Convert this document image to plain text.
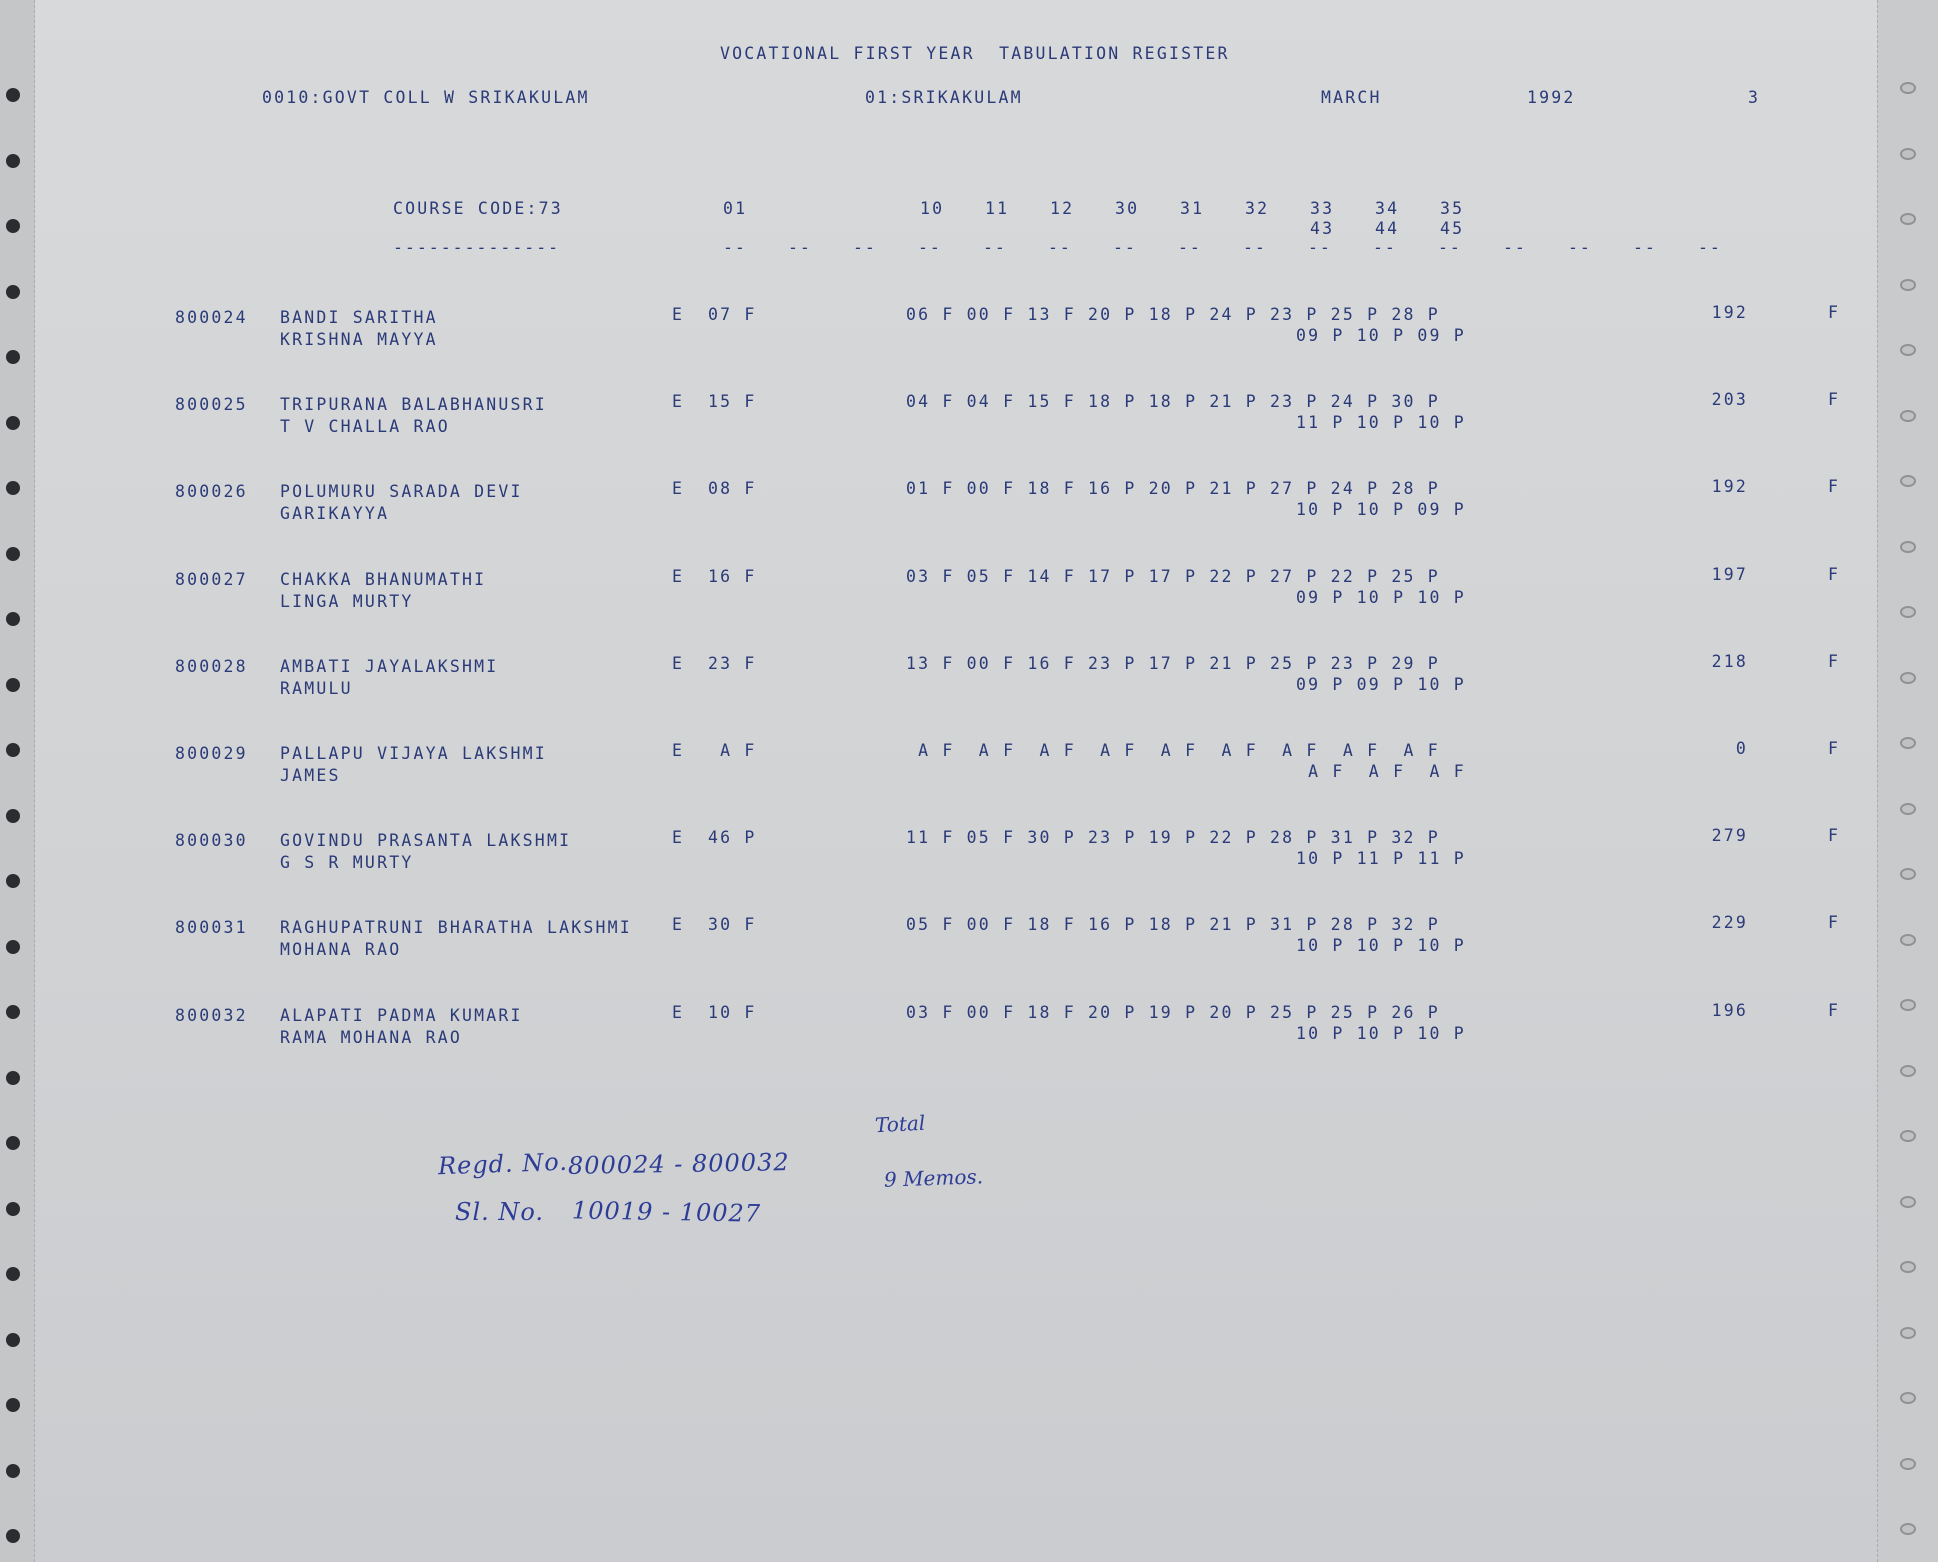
VOCATIONAL FIRST YEAR  TABULATION REGISTER
0010:GOVT COLL W SRIKAKULAM	01:SRIKAKULAM	MARCH	1992	3
COURSE CODE:73
--------------
Regd. No. 800024 - 800032
Sl. No. 10019 - 10027
Total
9 Memos.
01	10 11 12 30 31 32 33 34 35
43 44 45
-- -- -- -- -- -- -- -- -- -- -- -- -- -- -- --
800024 BANDI SARITHA
KRISHNA MAYYA
E 07 F	06 F 00 F 13 F 20 P 18 P 24 P 23 P 25 P 28 P
09 P 10 P 09 P
192	F
800025 TRIPURANA BALABHANUSRI
T V CHALLA RAO
E 15 F	04 F 04 F 15 F 18 P 18 P 21 P 23 P 24 P 30 P
11 P 10 P 10 P
203	F
800026 POLUMURU SARADA DEVI
GARIKAYYA
E 08 F	01 F 00 F 18 F 16 P 20 P 21 P 27 P 24 P 28 P
10 P 10 P 09 P
192	F
800027 CHAKKA BHANUMATHI
LINGA MURTY
E 16 F	03 F 05 F 14 F 17 P 17 P 22 P 27 P 22 P 25 P
09 P 10 P 10 P
197	F
800028 AMBATI JAYALAKSHMI
RAMULU
E 23 F	13 F 00 F 16 F 23 P 17 P 21 P 25 P 23 P 29 P
09 P 09 P 10 P
218	F
800029 PALLAPU VIJAYA LAKSHMI
JAMES
E A F	A F  A F  A F  A F  A F  A F  A F  A F  A F
A F  A F  A F
0	F
800030 GOVINDU PRASANTA LAKSHMI
G S R MURTY
E 46 P	11 F 05 F 30 P 23 P 19 P 22 P 28 P 31 P 32 P
10 P 11 P 11 P
279	F
800031 RAGHUPATRUNI BHARATHA LAKSHMI
MOHANA RAO
E 30 F	05 F 00 F 18 F 16 P 18 P 21 P 31 P 28 P 32 P
10 P 10 P 10 P
229	F
800032 ALAPATI PADMA KUMARI
RAMA MOHANA RAO
E 10 F	03 F 00 F 18 F 20 P 19 P 20 P 25 P 25 P 26 P
10 P 10 P 10 P
196	F
